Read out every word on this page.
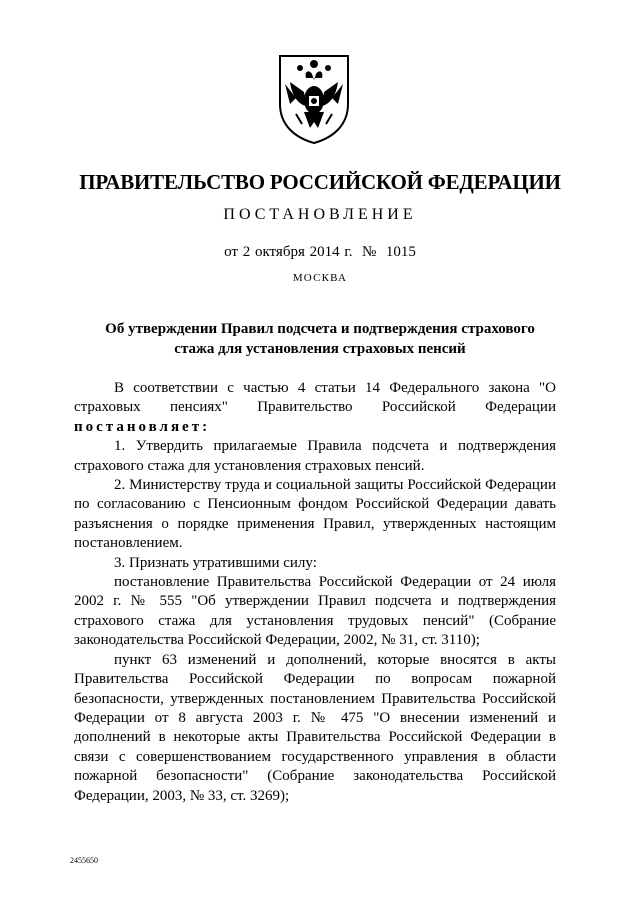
ПРАВИТЕЛЬСТВО РОССИЙСКОЙ ФЕДЕРАЦИИ
ПОСТАНОВЛЕНИЕ
от 2 октября 2014 г.  №  1015
МОСКВА
Об утверждении Правил подсчета и подтверждения страхового стажа для установления страховых пенсий

В соответствии с частью 4 статьи 14 Федерального закона "О страховых пенсиях" Правительство Российской Федерации

постановляет:

1. Утвердить прилагаемые Правила подсчета и подтверждения страхового стажа для установления страховых пенсий.

2. Министерству труда и социальной защиты Российской Федерации по согласованию с Пенсионным фондом Российской Федерации давать разъяснения о порядке применения Правил, утвержденных настоящим постановлением.

3. Признать утратившими силу:

постановление Правительства Российской Федерации от 24 июля 2002 г. № 555 "Об утверждении Правил подсчета и подтверждения страхового стажа для установления трудовых пенсий" (Собрание законодательства Российской Федерации, 2002, № 31, ст. 3110);

пункт 63 изменений и дополнений, которые вносятся в акты Правительства Российской Федерации по вопросам пожарной безопасности, утвержденных постановлением Правительства Российской Федерации от 8 августа 2003 г. № 475 "О внесении изменений и дополнений в некоторые акты Правительства Российской Федерации в связи с совершенствованием государственного управления в области пожарной безопасности" (Собрание законодательства Российской Федерации, 2003, № 33, ст. 3269);

2455650
